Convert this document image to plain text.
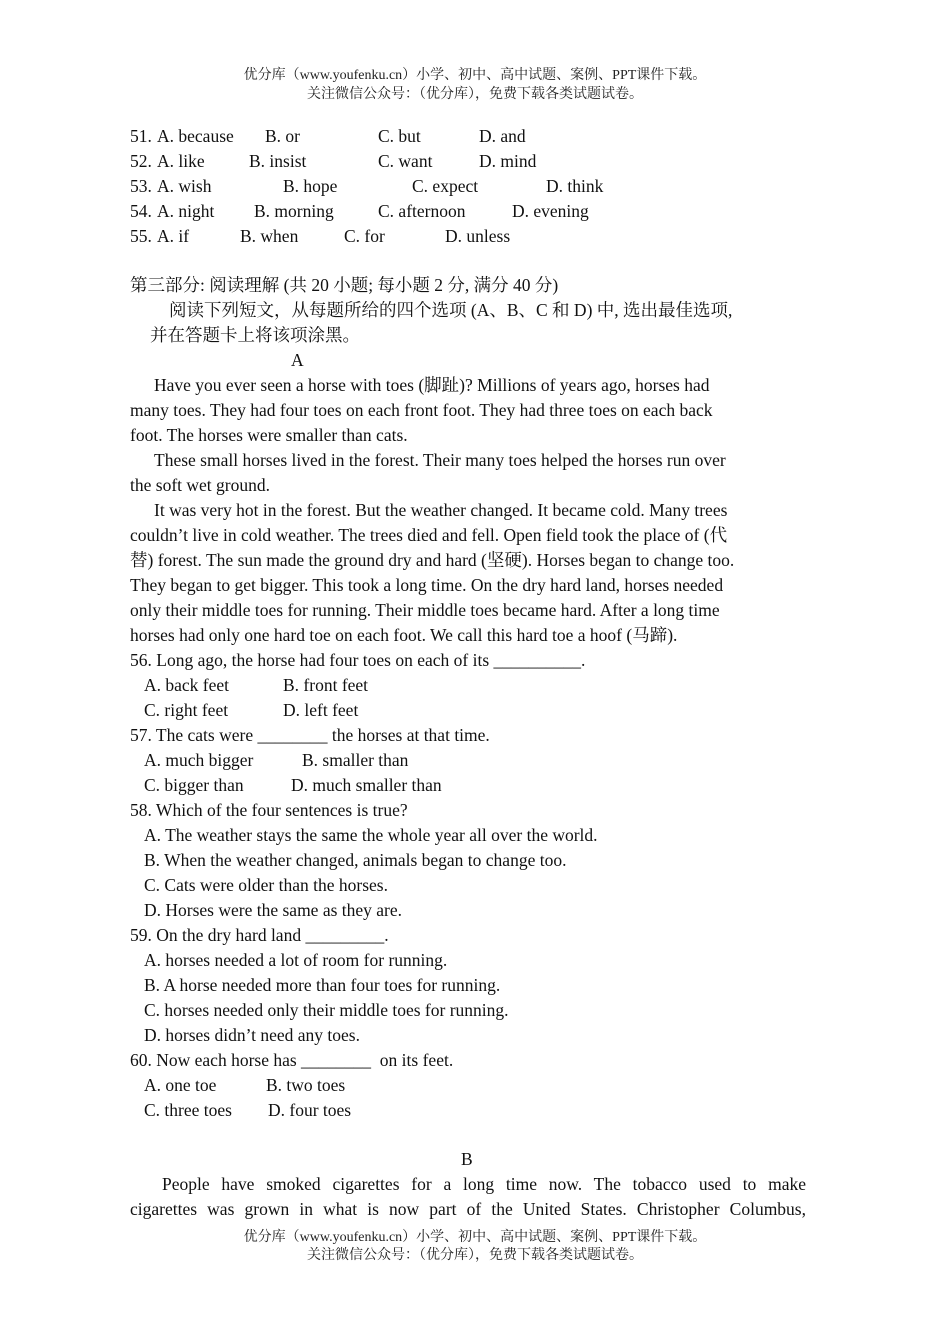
优分库（www.youfenku.cn）小学、初中、高中试题、案例、PPT课件下载。
关注微信公众号：（优分库），免费下载各类试题试卷。
51. A. because B. or	C. but	D. and
52. A. like	B. insist	C. want	D. mind
53. A. wish	B. hope	C. expect	D. think
54. A. night B. morning	C. afternoon	D. evening
55. A. if	B. when	C. for	D. unless
第三部分: 阅读理解 (共 20 小题; 每小题 2 分, 满分 40 分)
阅读下列短文，从每题所给的四个选项 (A、B、C 和 D) 中, 选出最佳选项,
并在答题卡上将该项涂黑。
A
Have you ever seen a horse with toes (脚趾)? Millions of years ago, horses had
many toes. They had four toes on each front foot. They had three toes on each back
foot. The horses were smaller than cats.
These small horses lived in the forest. Their many toes helped the horses run over
the soft wet ground.
It was very hot in the forest. But the weather changed. It became cold. Many trees
couldn’t live in cold weather. The trees died and fell. Open field took the place of (代
替) forest. The sun made the ground dry and hard (坚硬). Horses began to change too.
They began to get bigger. This took a long time. On the dry hard land, horses needed
only their middle toes for running. Their middle toes became hard. After a long time
horses had only one hard toe on each foot. We call this hard toe a hoof (马蹄).
56. Long ago, the horse had four toes on each of its __________.
A. back feet	B. front feet
C. right feet	D. left feet
57. The cats were ________ the horses at that time.
A. much bigger	B. smaller than
C. bigger than	D. much smaller than
58. Which of the four sentences is true?
A. The weather stays the same the whole year all over the world.
B. When the weather changed, animals began to change too.
C. Cats were older than the horses.
D. Horses were the same as they are.
59. On the dry hard land _________.
A. horses needed a lot of room for running.
B. A horse needed more than four toes for running.
C. horses needed only their middle toes for running.
D. horses didn’t need any toes.
60. Now each horse has ________  on its feet.
A. one toe	B. two toes
C. three toes D. four toes
B
People have smoked cigarettes for a long time now. The tobacco used to make
cigarettes was grown in what is now part of the United States. Christopher Columbus,
优分库（www.youfenku.cn）小学、初中、高中试题、案例、PPT课件下载。
关注微信公众号：（优分库），免费下载各类试题试卷。
